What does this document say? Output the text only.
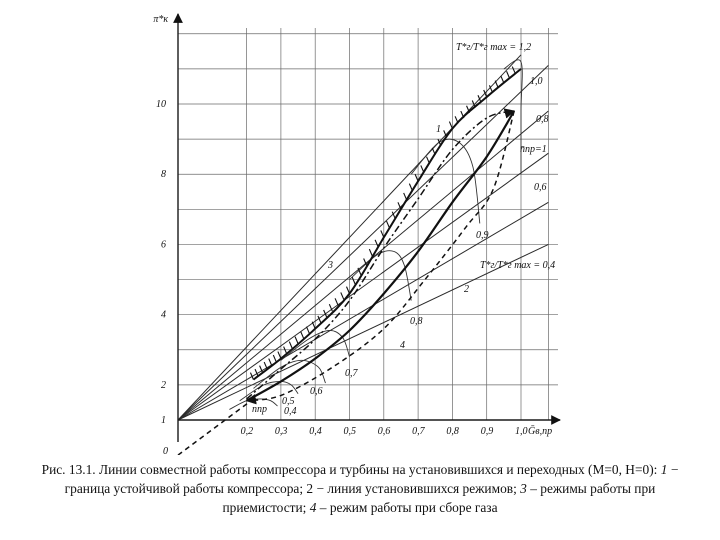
0,2 0,3 0,4 0,5 0,6 0,7 0,8 0,9 1,0
2
4
6
8
10
1
0
π*к
Ḡв,пр
1
2
3
4
T*г/T*г max = 1,2
1,0
0,8
n̄пр=1
0,6
T*г/T*г max = 0,4
0,9
0,8
0,7
0,6
0,5
0,4
nпр
Рис. 13.1. Линии совместной работы компрессора и турбины на установившихся и переходных (M=0, H=0): 1 − граница устойчивой работы компрессора; 2 − линия установившихся режимов; 3 – режимы работы при приемистости; 4 – режим работы при сборе газа
